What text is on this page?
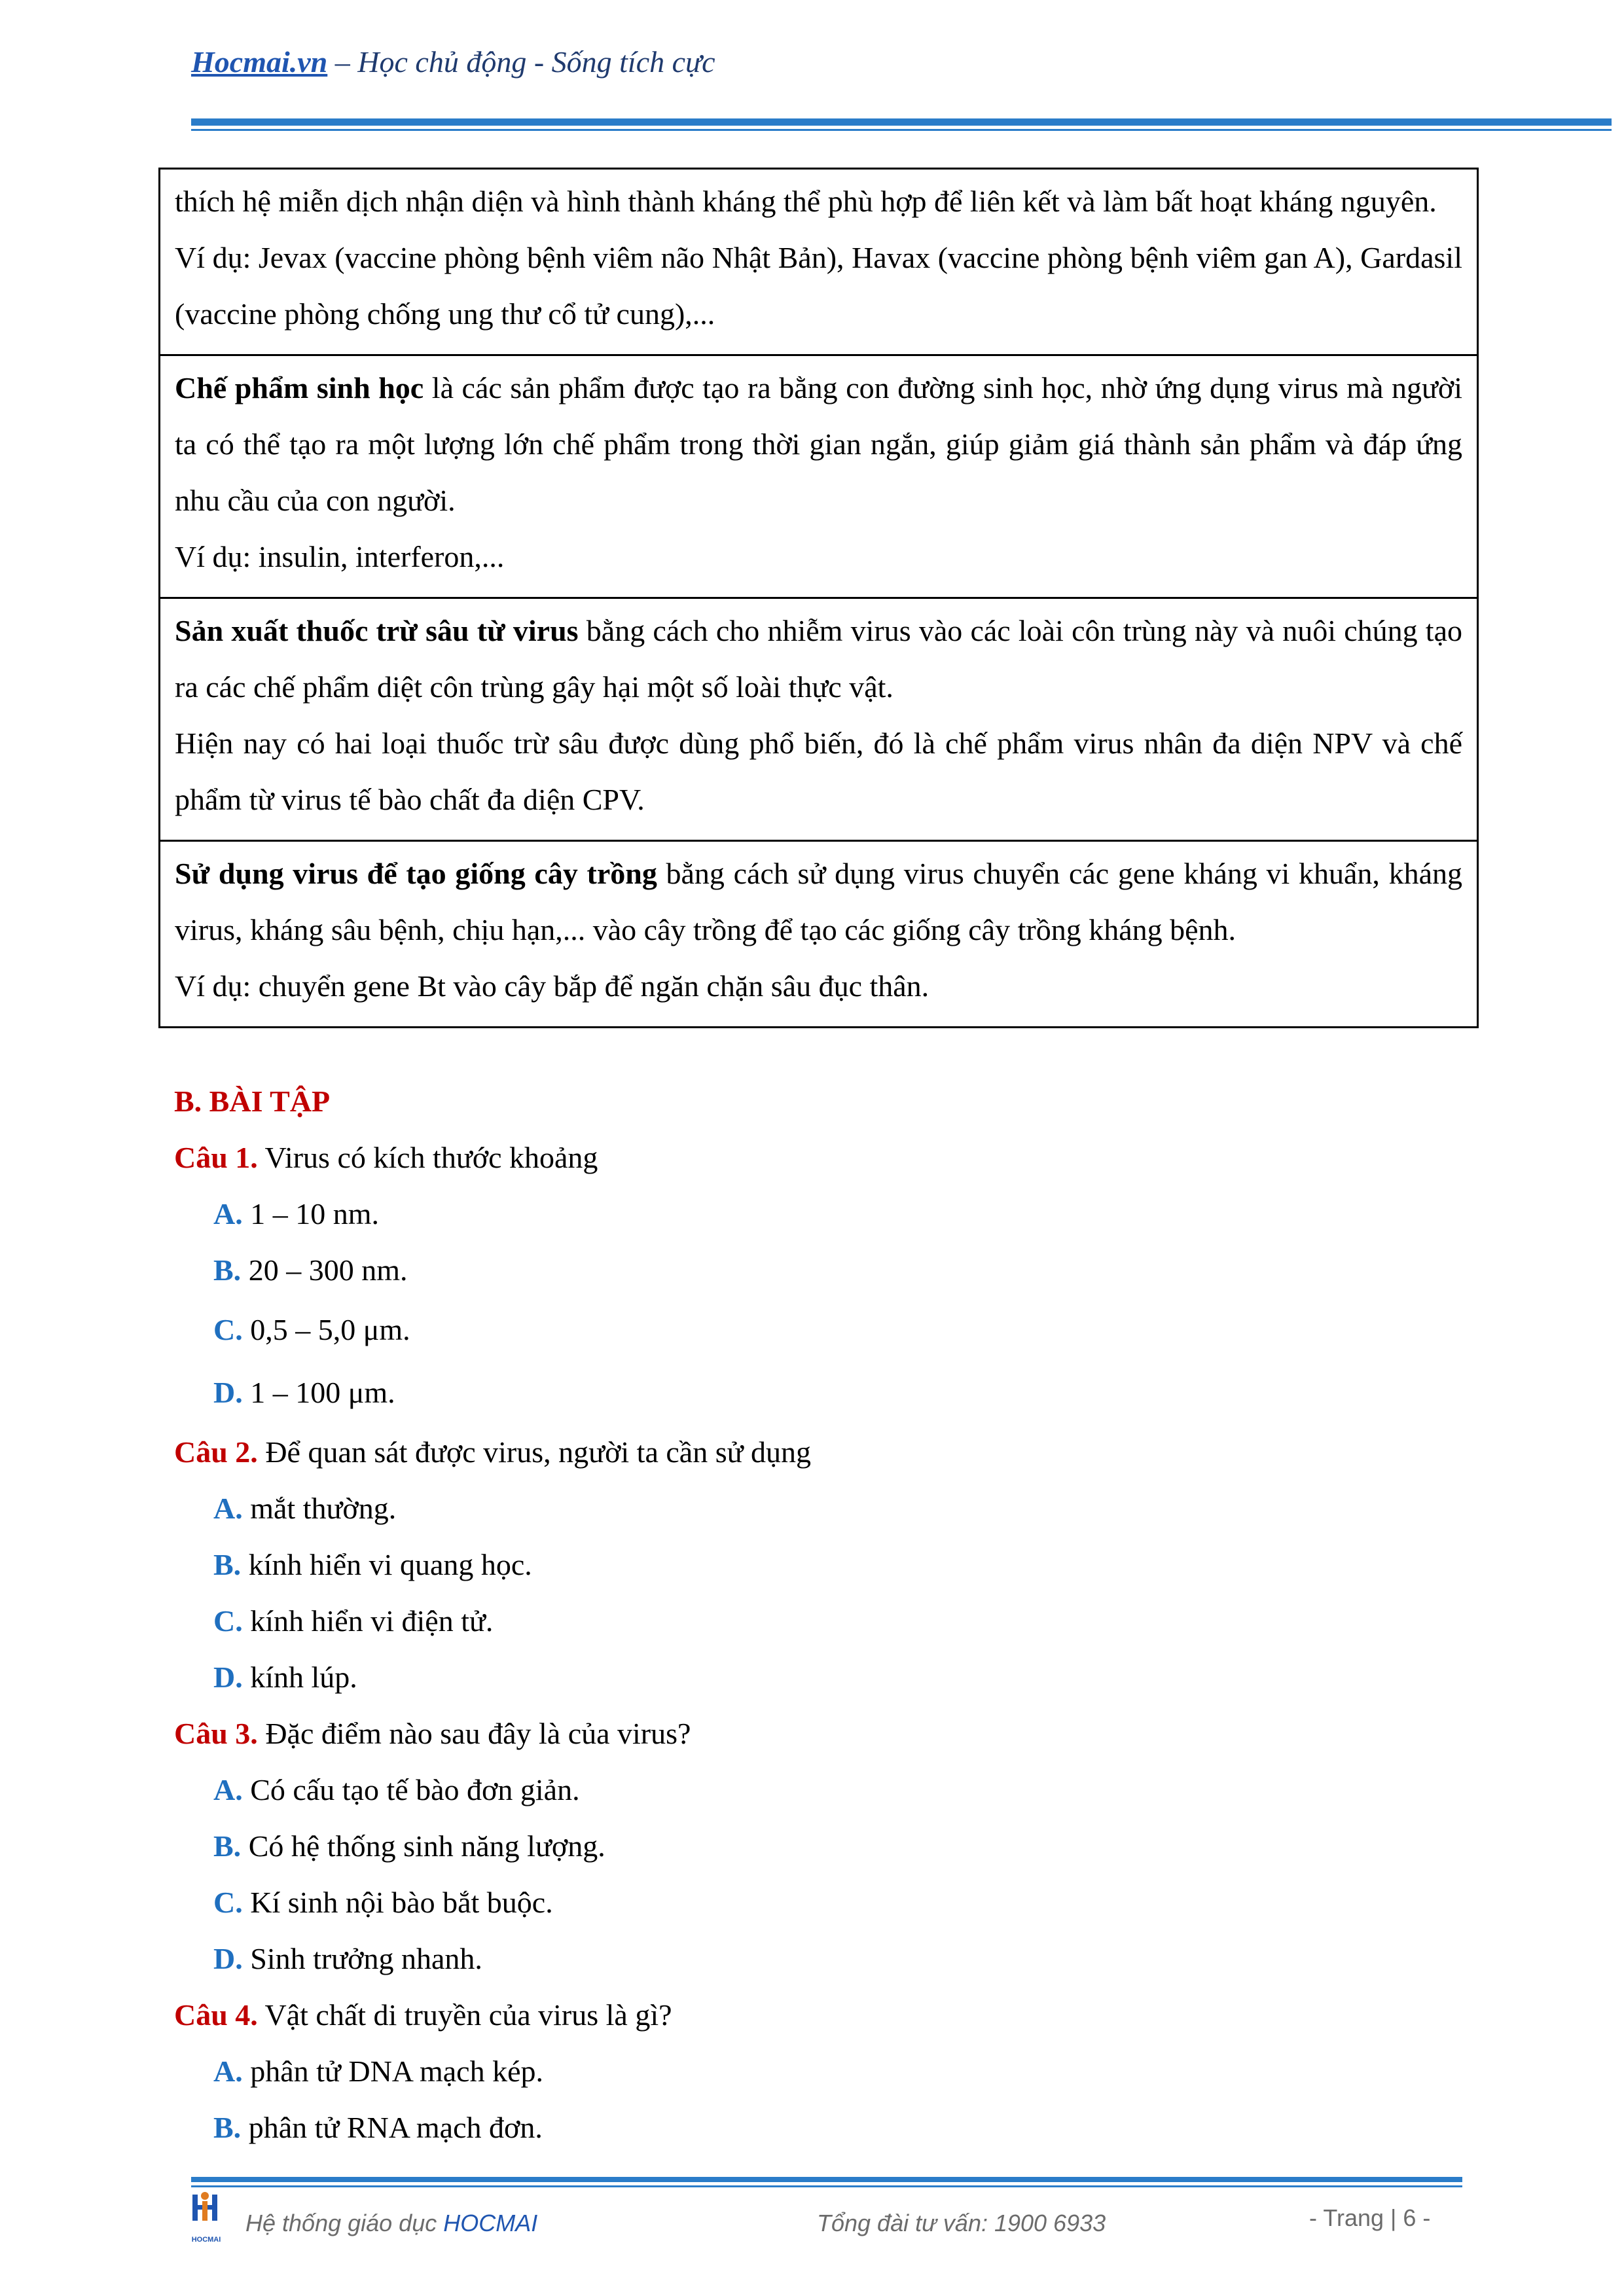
Hocmai.vn – Học chủ động - Sống tích cực

thích hệ miễn dịch nhận diện và hình thành kháng thể phù hợp để liên kết và làm bất hoạt kháng nguyên.

Ví dụ: Jevax (vaccine phòng bệnh viêm não Nhật Bản), Havax (vaccine phòng bệnh viêm gan A), Gardasil (vaccine phòng chống ung thư cổ tử cung),...

Chế phẩm sinh học là các sản phẩm được tạo ra bằng con đường sinh học, nhờ ứng dụng virus mà người ta có thể tạo ra một lượng lớn chế phẩm trong thời gian ngắn, giúp giảm giá thành sản phẩm và đáp ứng nhu cầu của con người.

Ví dụ: insulin, interferon,...

Sản xuất thuốc trừ sâu từ virus bằng cách cho nhiễm virus vào các loài côn trùng này và nuôi chúng tạo ra các chế phẩm diệt côn trùng gây hại một số loài thực vật.

Hiện nay có hai loại thuốc trừ sâu được dùng phổ biến, đó là chế phẩm virus nhân đa diện NPV và chế phẩm từ virus tế bào chất đa diện CPV.

Sử dụng virus để tạo giống cây trồng bằng cách sử dụng virus chuyển các gene kháng vi khuẩn, kháng virus, kháng sâu bệnh, chịu hạn,... vào cây trồng để tạo các giống cây trồng kháng bệnh.

Ví dụ: chuyển gene Bt vào cây bắp để ngăn chặn sâu đục thân.

B. BÀI TẬP
Câu 1. Virus có kích thước khoảng
A. 1 – 10 nm.
B. 20 – 300 nm.
C. 0,5 – 5,0 μm.
D. 1 – 100 μm.
Câu 2. Để quan sát được virus, người ta cần sử dụng
A. mắt thường.
B. kính hiển vi quang học.
C. kính hiển vi điện tử.
D. kính lúp.
Câu 3. Đặc điểm nào sau đây là của virus?
A. Có cấu tạo tế bào đơn giản.
B. Có hệ thống sinh năng lượng.
C. Kí sinh nội bào bắt buộc.
D. Sinh trưởng nhanh.
Câu 4. Vật chất di truyền của virus là gì?
A. phân tử DNA mạch kép.
B. phân tử RNA mạch đơn.
HOCMAI
Hệ thống giáo dục HOCMAI	Tổng đài tư vấn: 1900 6933	- Trang | 6 -
